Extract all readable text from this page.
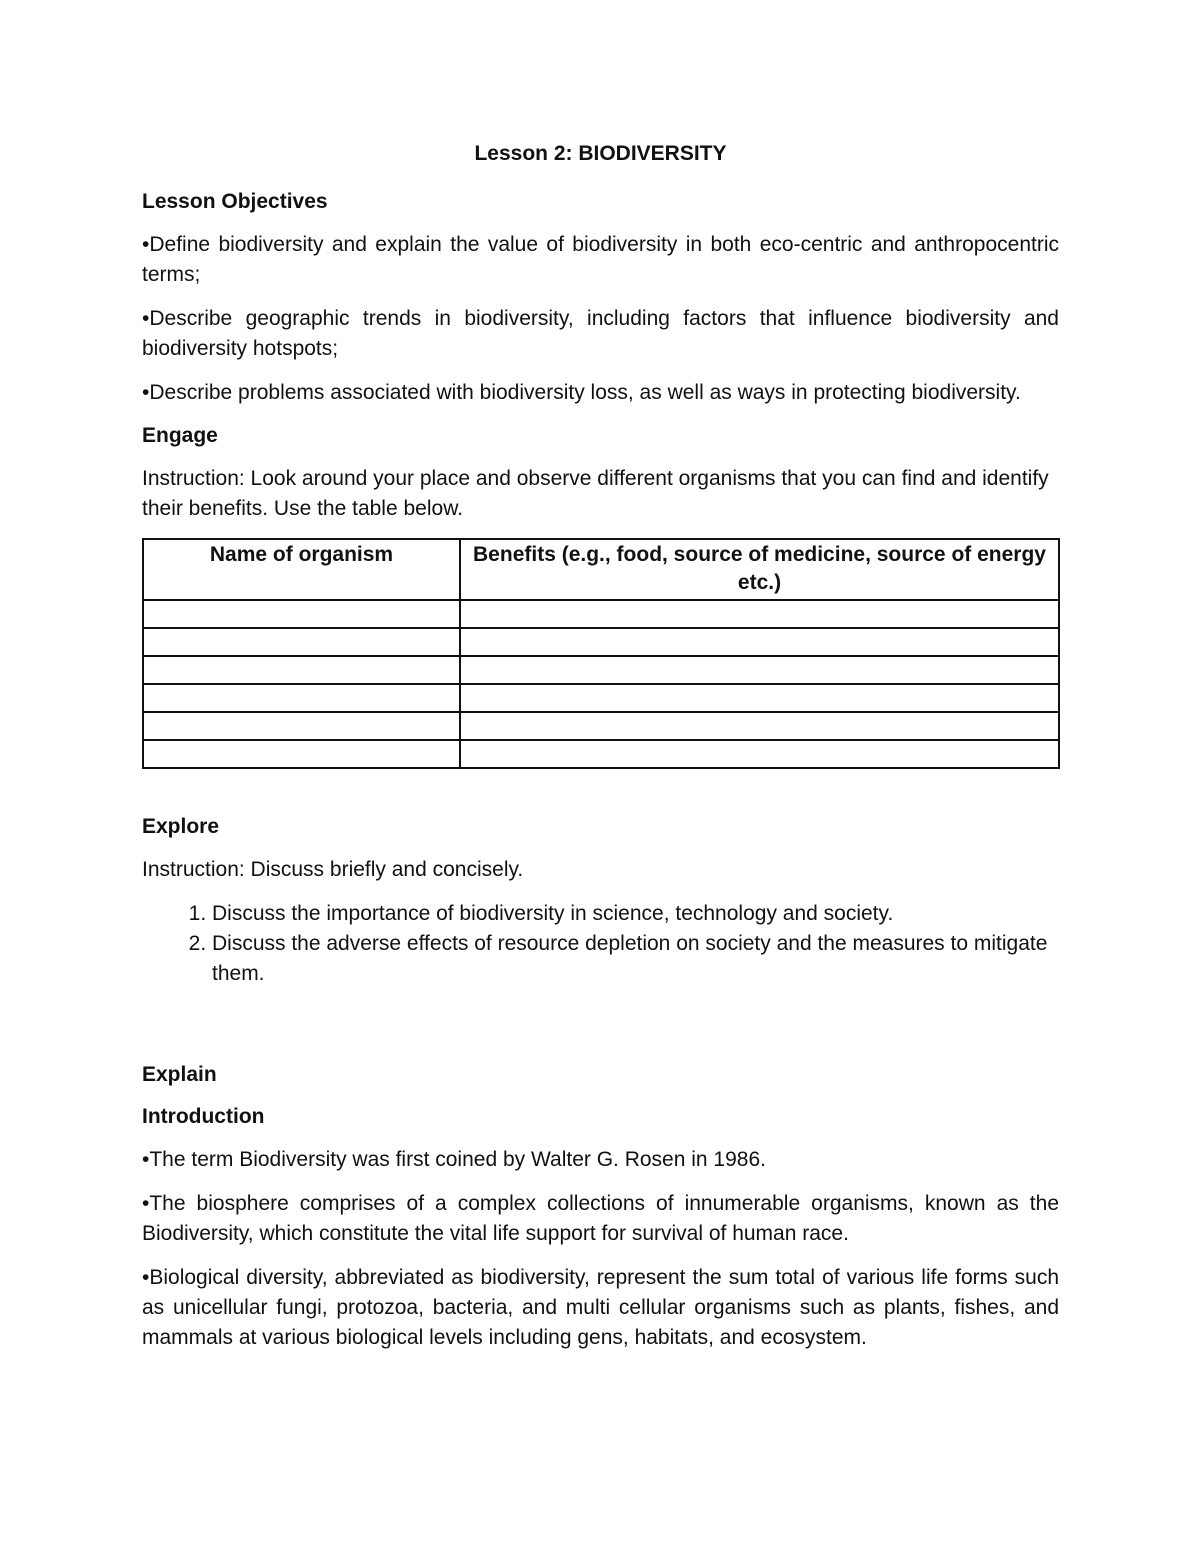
Lesson 2: BIODIVERSITY
Lesson Objectives

•Define biodiversity and explain the value of biodiversity in both eco-centric and anthropocentric terms;

•Describe geographic trends in biodiversity, including factors that influence biodiversity and biodiversity hotspots;

•Describe problems associated with biodiversity loss, as well as ways in protecting biodiversity.

Engage

Instruction: Look around your place and observe different organisms that you can find and identify their benefits. Use the table below.

Name of organism	Benefits (e.g., food, source of medicine, source of energy etc.)

Explore

Instruction: Discuss briefly and concisely.

1. Discuss the importance of biodiversity in science, technology and society.
2. Discuss the adverse effects of resource depletion on society and the measures to mitigate them.
Explain
Introduction

•The term Biodiversity was first coined by Walter G. Rosen in 1986.

•The biosphere comprises of a complex collections of innumerable organisms, known as the Biodiversity, which constitute the vital life support for survival of human race.

•Biological diversity, abbreviated as biodiversity, represent the sum total of various life forms such as unicellular fungi, protozoa, bacteria, and multi cellular organisms such as plants, fishes, and mammals at various biological levels including gens, habitats, and ecosystem.
